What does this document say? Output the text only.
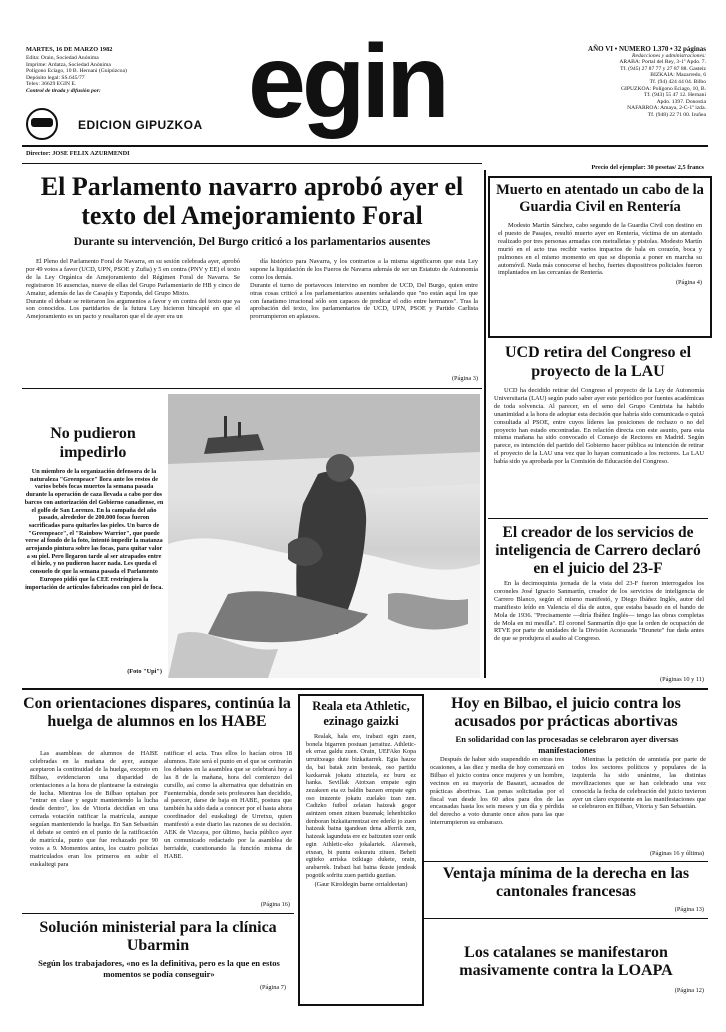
MARTES, 16 DE MARZO 1982
Edita: Orain, Sociedad Anónima
Imprime: Ardatza, Sociedad Anónima
Polígono Ecíago, 10 B. Hernani (Guipúzcoa)
Depósito legal: SS.645/77
Telex: 36629 EGIN E.
Control de tirada y difusión por:
EDICION GIPUZKOA egin	AÑO VI • NUMERO 1.370 • 32 páginas
Redacciones y administraciones:
ARABA: Portal del Rey, 3-1º Apdo. 7.
Tf. (945) 27 87 77 y 27 87 88. Gasteiz
BIZKAIA: Mazarredo, 6
Tf. (94) 424 44 04. Bilbo
GIPUZKOA: Polígono Eciago, 10, B.
Tf. (943) 55 47 12. Hernani
Apdo. 1397. Donostia
NAFARROA: Amaya, 2-C-1º izda.
Tf. (948) 22 71 00. Iruñea
Director: JOSE FELIX AZURMENDI
Precio del ejemplar: 30 pesetas/ 2,5 francs
El Parlamento navarro aprobó ayer el texto del Amejoramiento Foral
Durante su intervención, Del Burgo criticó a los parlamentarios ausentes
El Pleno del Parlamento Foral de Navarra, en su sesión celebrada ayer, aprobó por 49 votos a favor (UCD, UPN, PSOE y Zufia) y 5 en contra (PNV y EE) el texto de la Ley Orgánica de Amejoramiento del Régimen Foral de Navarra. Se registraron 16 ausencias, nueve de ellas del Grupo Parlamentario de HB y cinco de Amaiur, además de las de Casajús y Ezponda, del Grupo Mixto.
Durante el debate se reiteraron los argumentos a favor y en contra del texto que ya son conocidos. Los partidarios de la futura Ley hicieron hincapié en que el Amejoramiento es un pacto y resaltaron que el de ayer era un
día histórico para Navarra, y los contrarios a la misma significaron que esta Ley supone la liquidación de los Fueros de Navarra además de ser un Estatuto de Autonomía como los demás.
Durante el turno de portavoces intervino en nombre de UCD, Del Burgo, quien entre otras cosas criticó a los parlamentarios ausentes señalando que "no están aquí los que con fanatismo irracional sólo son capaces de predicar el odio entre hermanos". Tras la aprobación del texto, los parlamentarios de UCD, UPN, PSOE y Partido Carlista prorrumpieron en aplausos.
(Página 3)
No pudieron impedirlo
Un miembro de la organización defensora de la naturaleza "Greenpeace" llora ante los restos de varios bebés focas muertos la semana pasada durante la operación de caza llevada a cabo por dos barcos con autorización del Gobierno canadiense, en el golfo de San Lorenzo. En la campaña del año pasado, alrededor de 200.000 focas fueron sacrificadas para quitarles las pieles. Un barco de "Greenpeace", el "Rainbow Warrior", que puede verse al fondo de la foto, intentó impedir la matanza arrojando pintura sobre las focas, para quitar valor a su piel. Pero llegaron tarde al ser atrapados entre el hielo, y no pudieron hacer nada. Les queda el consuelo de que la semana pasada el Parlamento Europeo pidió que la CEE restringiera la importación de artículos fabricados con piel de foca.
(Foto "Upi")
Muerto en atentado un cabo de la Guardia Civil en Rentería
Modesto Martín Sánchez, cabo segundo de la Guardia Civil con destino en el puesto de Pasajes, resultó muerto ayer en Rentería, víctima de un atentado realizado por tres personas armadas con metralletas y pistolas. Modesto Martín murió en el acto tras recibir varios impactos de bala en corazón, boca y pulmones en el mismo momento en que se disponía a poner en marcha su automóvil. Nada más conocerse el hecho, fuertes dispositivos policiales fueron implantados en las cercanías de Rentería.
(Página 4)
UCD retira del Congreso el proyecto de la LAU
UCD ha decidido retirar del Congreso el proyecto de la Ley de Autonomía Universitaria (LAU) según pudo saber ayer este periódico por fuentes académicas de toda solvencia. Al parecer, en el seno del Grupo Centrista ha habido unanimidad a la hora de adoptar esta decisión que habría sido comunicada o quizá consultada al PSOE, entre cuyos líderes las posiciones de rechazo o no del proyecto han estado encontradas. En relación directa con este asunto, para esta misma mañana ha sido convocado el Consejo de Rectores en Madrid. Según parece, es intención del partido del Gobierno hacer pública su intención de retirar el proyecto de la LAU una vez que lo hayan comunicado a los rectores. La LAU había sido ya aprobada por la Comisión de Educación del Congreso.
El creador de los servicios de inteligencia de Carrero declaró en el juicio del 23-F
En la decimoquinta jornada de la vista del 23-F fueron interrogados los coroneles José Ignacio Sanmartín, creador de los servicios de inteligencia de Carrero Blanco, según el mismo manifestó, y Diego Ibáñez Inglés, autor del manifiesto leído en Valencia el día de autos, que estaba basado en el bando de Mola de 1936. "Precisamente —diría Ibáñez Inglés— tengo las obras completas de Mola en mi mesilla". El coronel Sanmartín dijo que la orden de ocupación de RTVE por parte de unidades de la División Acorazada "Brunete" fue dada antes de que se produjera el asalto al Congreso.
(Páginas 10 y 11)
Con orientaciones dispares, continúa la huelga de alumnos en los HABE
Las asambleas de alumnos de HABE celebradas en la mañana de ayer, aunque aceptaron la continuidad de la huelga, excepto en Bilbao, evidenciaron una disparidad de orientaciones a la hora de plantearse la estrategia de lucha. Mientras los de Bilbao optaban por "entrar en clase y seguir manteniendo la lucha desde dentro", los de Vitoria decidían en una cerrada votación ratificar la matrícula, aunque seguían manteniendo la huelga. En San Sebastián el debate se centró en el punto de la ratificación de matrícula, punto que fue rechazado por 90 votos a 9. Momentos antes, los cuatro policías matriculados eran los primeros en subir el euskaltegi para
ratificar el acta. Tras ellos lo hacían otros 18 alumnos. Este será el punto en el que se centrarán los debates en la asamblea que se celebrará hoy a las 8 de la mañana, hora del comienzo del cursillo, así como la alternativa que debatirán en Fuenterrabía, donde seis profesores han decidido, al parecer, darse de baja en HABE, postura que también ha sido dada a conocer por el hasta ahora coordinador del euskaltegi de Urretxu, quien manifestó a este diario las razones de su decisión. AEK de Vizcaya, por último, hacía público ayer un comunicado redactado por la asamblea de herrialde, cuestionando la función misma de HABE.
(Página 16)
Solución ministerial para la clínica Ubarmin
Según los trabajadores, «no es la definitiva, pero es la que en estos momentos se podía conseguir»
(Página 7)
Reala eta Athletic, ezinago gaizki
Realak, hala ere, irabazi egin zuen, bonela bigarren postuan jarraituz. Athletic-ek erraz galdu zuen. Orain, UEFAko Kopa urruitxeago dute bizkaitarrek. Egia hauxe da, bai batak zein besteak, oso partidu kaxkarrak jokatu zituztela, ez buru ez hanka. Sevillak Atotxan empate egin zezakeen eta ez baldin bazuen empate egin oso inuzente jokatu zuelako izan zen. Cadizko futbol zelaian haizeak gogor asintzen omen zituen buzenak; lehenbiziko denboran bizkaitarrentzat ere ederki jo zuen haizeak baina igandean dena alferrik zen, haizeak lagunduta ere ez baitzuten ezer onik egin Athletic-eko jokalariek. Alavesek, etxean, bi puntu eskuratu zituen. Beheti egiteko arriska txikiago dukete, orain, arabarrek. Irabazi bai baina ikuste jendeak pogotik sofritu zuen partidu guztian.
(Gaur Kiroldegin barne orrialdeetan)
Hoy en Bilbao, el juicio contra los acusados por prácticas abortivas
En solidaridad con las procesadas se celebraron ayer diversas manifestaciones
Después de haber sido suspendido en otras tres ocasiones, a las diez y media de hoy comenzará en Bilbao el juicio contra once mujeres y un hombre, vecinos en su mayoría de Basauri, acusados de prácticas abortivas. Las penas solicitadas por el fiscal van desde los 60 años para dos de las encausadas hasta los seis meses y un día y pérdida del derecho a voto durante once años para las que interrumpieron su embarazo.
Mientras la petición de amnistía por parte de todos los sectores políticos y populares de la izquierda ha sido unánime, las distintas movilizaciones que se han celebrado una vez conocida la fecha de celebración del juicio tuvieron ayer un claro exponente en las manifestaciones que se celebraron en Bilbao, Vitoria y San Sebastián.
(Páginas 16 y última)
Ventaja mínima de la derecha en las cantonales francesas
(Página 13)
Los catalanes se manifestaron masivamente contra la LOAPA
(Página 12)
